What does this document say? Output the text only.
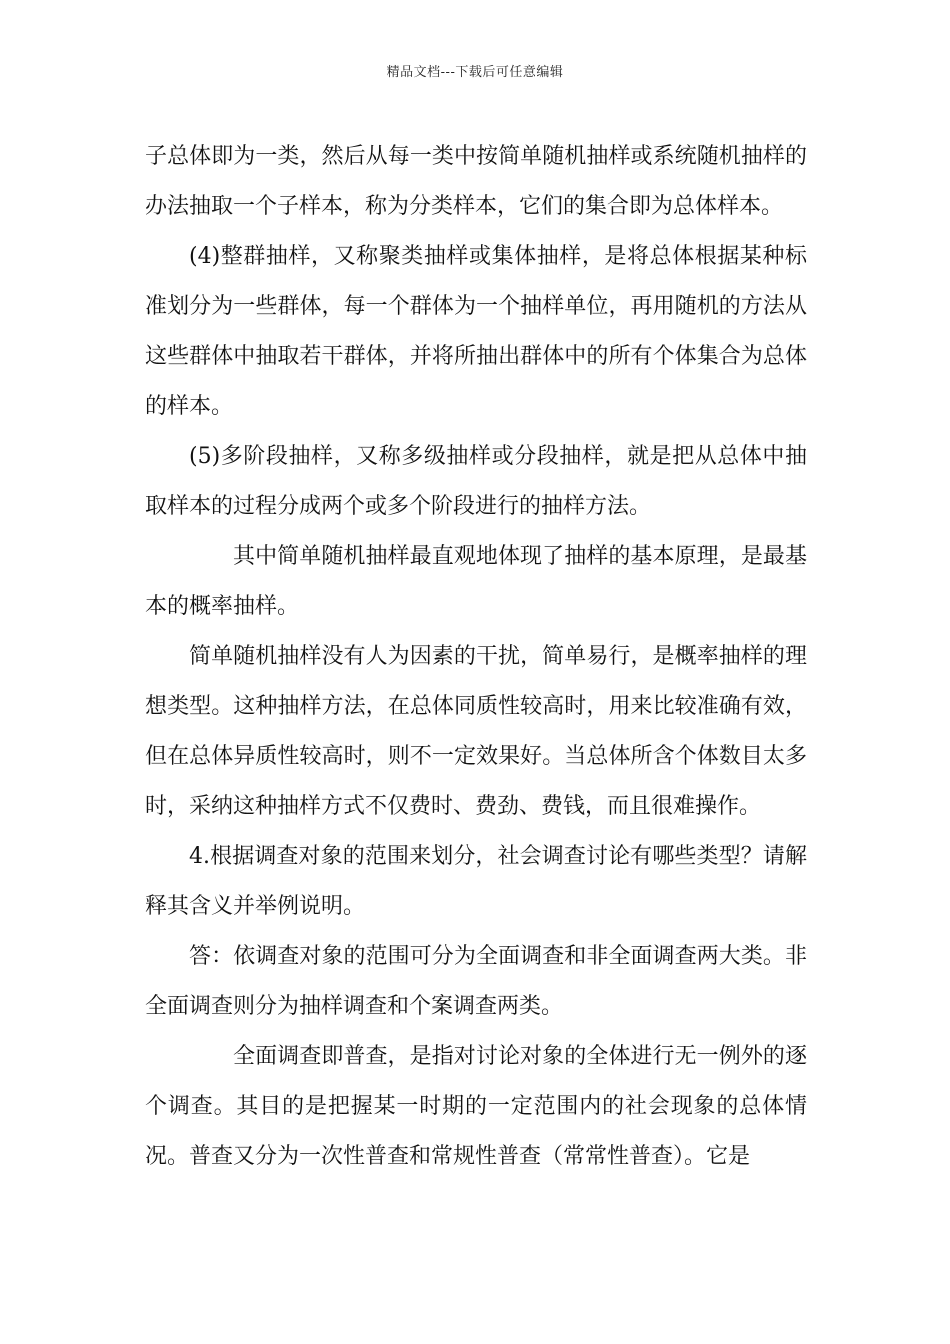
精品文档---下载后可任意编辑

子总体即为一类，然后从每一类中按简单随机抽样或系统随机抽样的办法抽取一个子样本，称为分类样本，它们的集合即为总体样本。

(4)整群抽样，又称聚类抽样或集体抽样，是将总体根据某种标准划分为一些群体，每一个群体为一个抽样单位，再用随机的方法从这些群体中抽取若干群体，并将所抽出群体中的所有个体集合为总体的样本。

(5)多阶段抽样，又称多级抽样或分段抽样，就是把从总体中抽取样本的过程分成两个或多个阶段进行的抽样方法。

其中简单随机抽样最直观地体现了抽样的基本原理，是最基本的概率抽样。

简单随机抽样没有人为因素的干扰，简单易行，是概率抽样的理想类型。这种抽样方法，在总体同质性较高时，用来比较准确有效，但在总体异质性较高时，则不一定效果好。当总体所含个体数目太多时，采纳这种抽样方式不仅费时、费劲、费钱，而且很难操作。

4.根据调查对象的范围来划分，社会调查讨论有哪些类型？请解释其含义并举例说明。

答：依调查对象的范围可分为全面调查和非全面调查两大类。非全面调查则分为抽样调查和个案调查两类。

全面调查即普查，是指对讨论对象的全体进行无一例外的逐个调查。其目的是把握某一时期的一定范围内的社会现象的总体情况。普查又分为一次性普查和常规性普查（常常性普查）。它是
